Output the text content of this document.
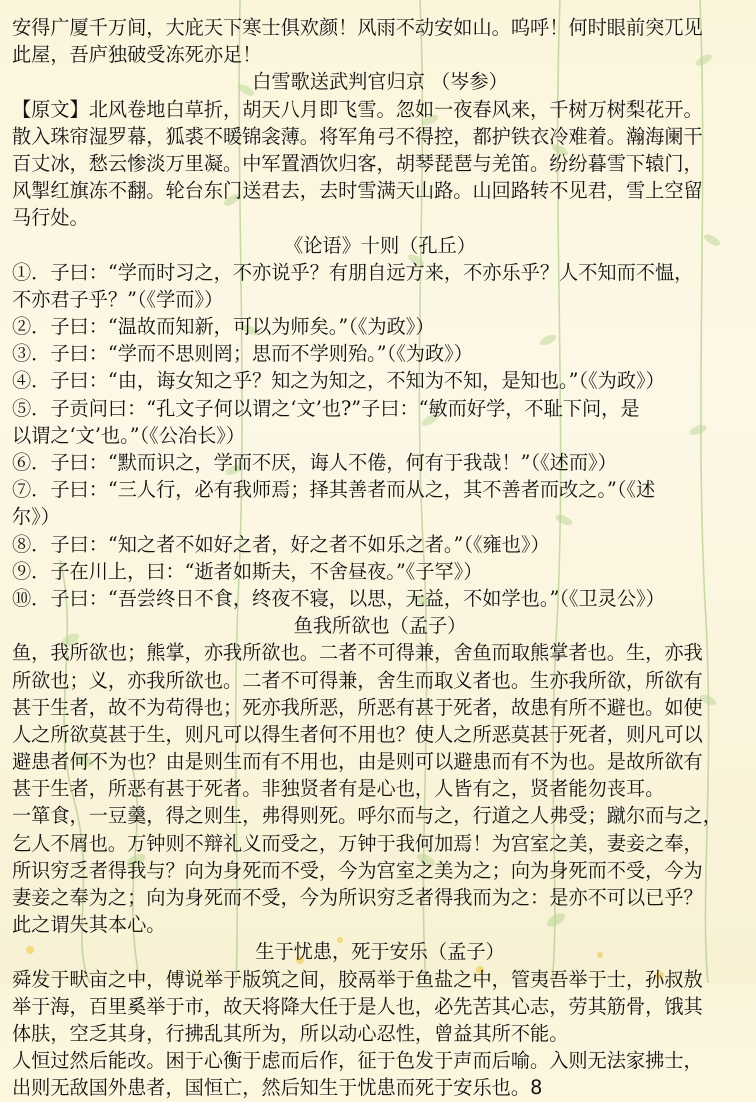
安得广厦千万间，大庇天下寒士俱欢颜！风雨不动安如山。呜呼！何时眼前突兀见
此屋，吾庐独破受冻死亦足！
白雪歌送武判官归京 （岑参）
【原文】北风卷地白草折，胡天八月即飞雪。忽如一夜春风来，千树万树梨花开。
散入珠帘湿罗幕，狐裘不暖锦衾薄。将军角弓不得控，都护铁衣冷难着。瀚海阑干
百丈冰，愁云惨淡万里凝。中军置酒饮归客，胡琴琵琶与羌笛。纷纷暮雪下辕门，
风掣红旗冻不翻。轮台东门送君去，去时雪满天山路。山回路转不见君，雪上空留
马行处。
《论语》十则（孔丘）
①．子曰：“学而时习之，不亦说乎？有朋自远方来，不亦乐乎？人不知而不愠，
不亦君子乎？”（《学而》）
②．子曰：“温故而知新，可以为师矣。”（《为政》）
③．子曰：“学而不思则罔；思而不学则殆。”（《为政》）
④．子曰：“由，诲女知之乎？知之为知之，不知为不知，是知也。”（《为政》）
⑤．子贡问曰：“孔文子何以谓之‘文’也?”子曰：“敏而好学，不耻下问，是
以谓之‘文’也。”（《公冶长》）
⑥．子曰：“默而识之，学而不厌，诲人不倦，何有于我哉！”（《述而》）
⑦．子曰：“三人行，必有我师焉；择其善者而从之，其不善者而改之。”（《述
尔》）
⑧．子曰：“知之者不如好之者，好之者不如乐之者。”（《雍也》）
⑨．子在川上，曰：“逝者如斯夫，不舍昼夜。”《子罕》）
⑩．子曰：“吾尝终日不食，终夜不寝，以思，无益，不如学也。”（《卫灵公》）
鱼我所欲也（孟子）
鱼，我所欲也；熊掌，亦我所欲也。二者不可得兼，舍鱼而取熊掌者也。生，亦我
所欲也；义，亦我所欲也。二者不可得兼，舍生而取义者也。生亦我所欲，所欲有
甚于生者，故不为苟得也；死亦我所恶，所恶有甚于死者，故患有所不避也。如使
人之所欲莫甚于生，则凡可以得生者何不用也？使人之所恶莫甚于死者，则凡可以
避患者何不为也？由是则生而有不用也，由是则可以避患而有不为也。是故所欲有
甚于生者，所恶有甚于死者。非独贤者有是心也，人皆有之，贤者能勿丧耳。
一箪食，一豆羹，得之则生，弗得则死。呼尔而与之，行道之人弗受；蹴尔而与之，
乞人不屑也。万钟则不辩礼义而受之，万钟于我何加焉！为宫室之美，妻妾之奉，
所识穷乏者得我与？向为身死而不受，今为宫室之美为之；向为身死而不受，今为
妻妾之奉为之；向为身死而不受，今为所识穷乏者得我而为之：是亦不可以已乎？
此之谓失其本心。
生于忧患，死于安乐（孟子）
舜发于畎亩之中，傅说举于版筑之间，胶鬲举于鱼盐之中，管夷吾举于士，孙叔敖
举于海，百里奚举于市，故天将降大任于是人也，必先苦其心志，劳其筋骨，饿其
体肤，空乏其身，行拂乱其所为，所以动心忍性，曾益其所不能。
人恒过然后能改。困于心衡于虑而后作，征于色发于声而后喻。入则无法家拂士，
出则无敌国外患者，国恒亡，然后知生于忧患而死于安乐也。8
